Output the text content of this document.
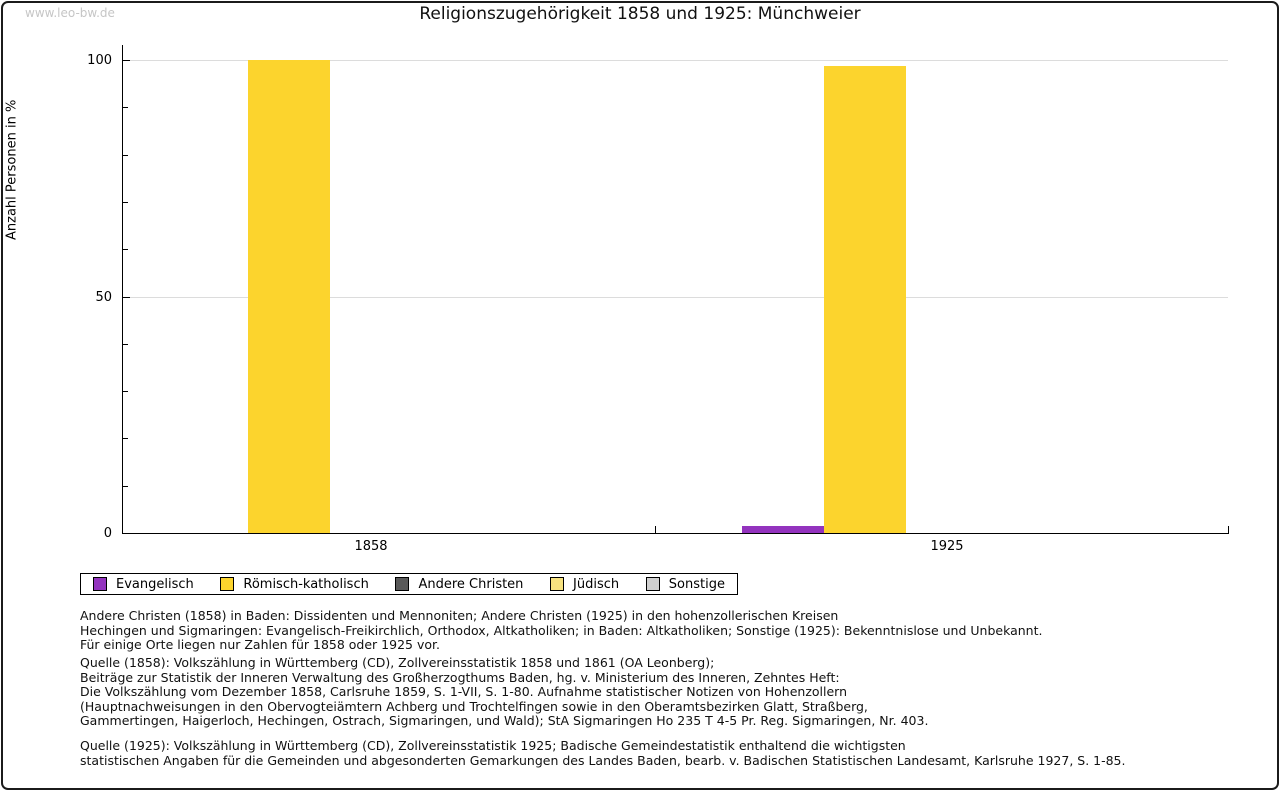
www.leo-bw.de	Religionszugehörigkeit 1858 und 1925: Münchweier
Anzahl Personen in %
0
50
100
1858	1925
Evangelisch	Römisch-katholisch	Andere Christen	Jüdisch	Sonstige
Andere Christen (1858) in Baden: Dissidenten und Mennoniten; Andere Christen (1925) in den hohenzollerischen Kreisen
Hechingen und Sigmaringen: Evangelisch-Freikirchlich, Orthodox, Altkatholiken; in Baden: Altkatholiken; Sonstige (1925): Bekenntnislose und Unbekannt.
Für einige Orte liegen nur Zahlen für 1858 oder 1925 vor.
Quelle (1858): Volkszählung in Württemberg (CD), Zollvereinsstatistik 1858 und 1861 (OA Leonberg);
Beiträge zur Statistik der Inneren Verwaltung des Großherzogthums Baden, hg. v. Ministerium des Inneren, Zehntes Heft:
Die Volkszählung vom Dezember 1858, Carlsruhe 1859, S. 1-VII, S. 1-80. Aufnahme statistischer Notizen von Hohenzollern
(Hauptnachweisungen in den Obervogteiämtern Achberg und Trochtelfingen sowie in den Oberamtsbezirken Glatt, Straßberg,
Gammertingen, Haigerloch, Hechingen, Ostrach, Sigmaringen, und Wald); StA Sigmaringen Ho 235 T 4-5 Pr. Reg. Sigmaringen, Nr. 403.
Quelle (1925): Volkszählung in Württemberg (CD), Zollvereinsstatistik 1925; Badische Gemeindestatistik enthaltend die wichtigsten
statistischen Angaben für die Gemeinden und abgesonderten Gemarkungen des Landes Baden, bearb. v. Badischen Statistischen Landesamt, Karlsruhe 1927, S. 1-85.
